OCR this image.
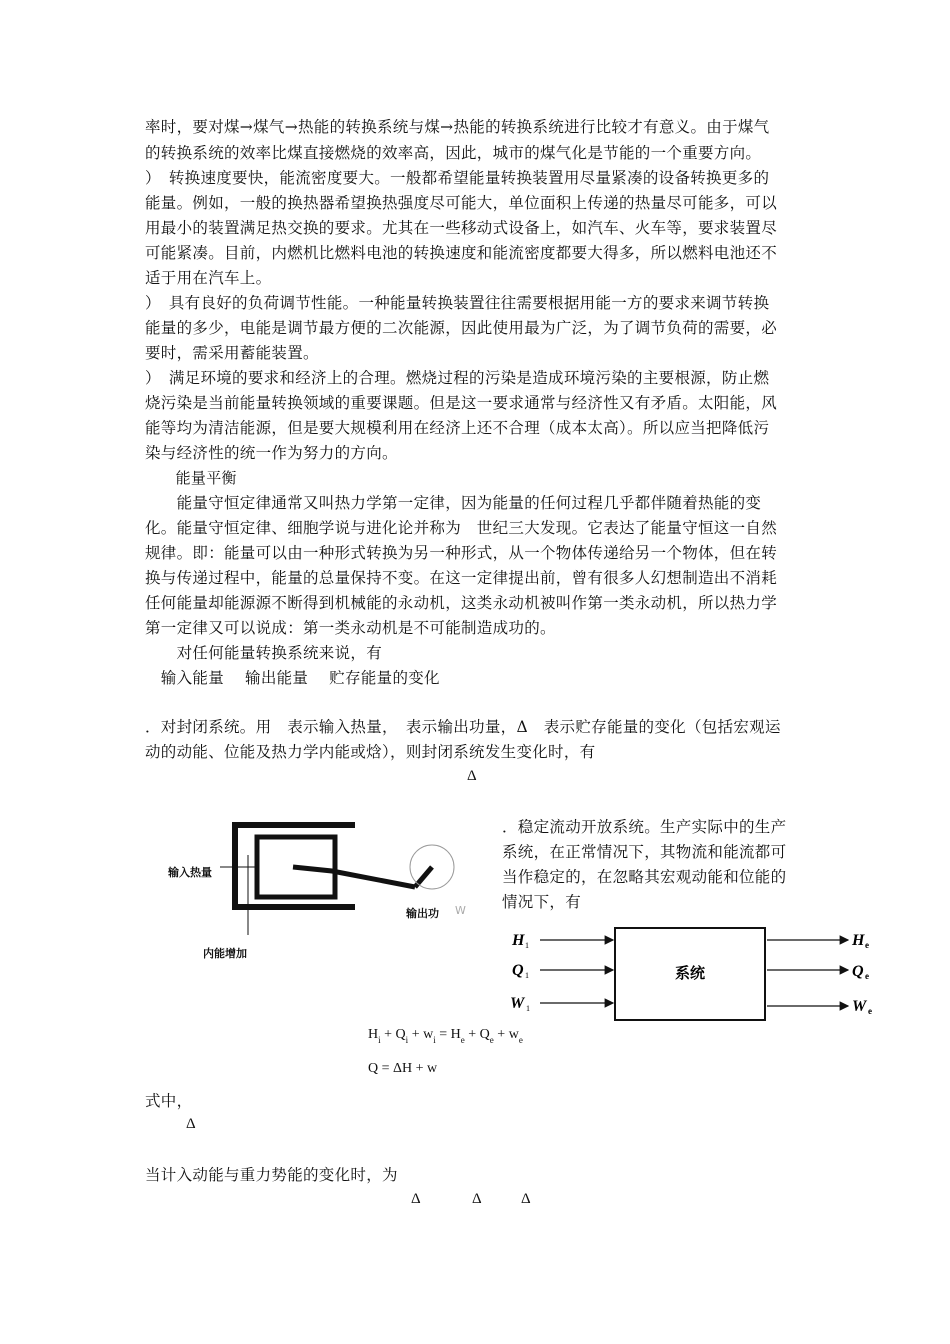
率时，要对煤→煤气→热能的转换系统与煤→热能的转换系统进行比较才有意义。由于煤气
的转换系统的效率比煤直接燃烧的效率高，因此，城市的煤气化是节能的一个重要方向。
）　转换速度要快，能流密度要大。一般都希望能量转换装置用尽量紧凑的设备转换更多的
能量。例如，一般的换热器希望换热强度尽可能大，单位面积上传递的热量尽可能多，可以
用最小的装置满足热交换的要求。尤其在一些移动式设备上，如汽车、火车等，要求装置尽
可能紧凑。目前，内燃机比燃料电池的转换速度和能流密度都要大得多，所以燃料电池还不
适于用在汽车上。
）　具有良好的负荷调节性能。一种能量转换装置往往需要根据用能一方的要求来调节转换
能量的多少，电能是调节最方便的二次能源，因此使用最为广泛，为了调节负荷的需要，必
要时，需采用蓄能装置。
）　满足环境的要求和经济上的合理。燃烧过程的污染是造成环境污染的主要根源，防止燃
烧污染是当前能量转换领域的重要课题。但是这一要求通常与经济性又有矛盾。太阳能，风
能等均为清洁能源，但是要大规模利用在经济上还不合理（成本太高）。所以应当把降低污
染与经济性的统一作为努力的方向。
　　能量平衡
　　能量守恒定律通常又叫热力学第一定律，因为能量的任何过程几乎都伴随着热能的变
化。能量守恒定律、细胞学说与进化论并称为　世纪三大发现。它表达了能量守恒这一自然
规律。即：能量可以由一种形式转换为另一种形式，从一个物体传递给另一个物体，但在转
换与传递过程中，能量的总量保持不变。在这一定律提出前，曾有很多人幻想制造出不消耗
任何能量却能源源不断得到机械能的永动机，这类永动机被叫作第一类永动机，所以热力学
第一定律又可以说成：第一类永动机是不可能制造成功的。
　　对任何能量转换系统来说，有
　输入能量　 输出能量　 贮存能量的变化
．对封闭系统。用　表示输入热量，　表示输出功量，Δ　表示贮存能量的变化（包括宏观运
动的动能、位能及热力学内能或焓），则封闭系统发生变化时，有
Δ
输入热量
输出功 W
内能增加
．稳定流动开放系统。生产实际中的生产
系统，在正常情况下，其物流和能流都可
当作稳定的，在忽略其宏观动能和位能的
情况下，有
系统
H 1
Q 1
W 1
H e
Q e
W e
$H_i + Q_i + w_i = H_e + Q_e + w_e$
Q = ΔH + w
式中，
Δ
当计入动能与重力势能的变化时，为
Δ	Δ	Δ
